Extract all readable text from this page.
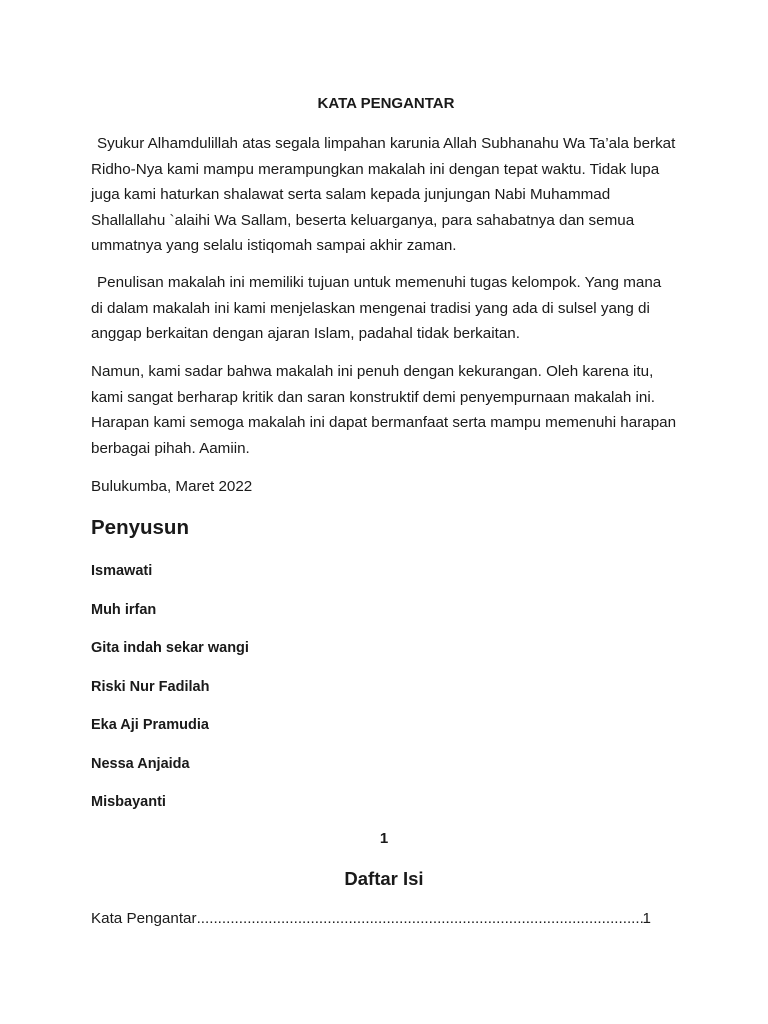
KATA PENGANTAR

Syukur Alhamdulillah atas segala limpahan karunia Allah Subhanahu Wa Ta’ala berkat Ridho-Nya kami mampu merampungkan makalah ini dengan tepat waktu. Tidak lupa juga kami haturkan shalawat serta salam kepada junjungan Nabi Muhammad Shallallahu `alaihi Wa Sallam, beserta keluarganya, para sahabatnya dan semua ummatnya yang selalu istiqomah sampai akhir zaman.

Penulisan makalah ini memiliki tujuan untuk memenuhi tugas kelompok. Yang mana di dalam makalah ini kami menjelaskan mengenai tradisi yang ada di sulsel yang di anggap berkaitan dengan ajaran Islam, padahal tidak berkaitan.

Namun, kami sadar bahwa makalah ini penuh dengan kekurangan. Oleh karena itu, kami sangat berharap kritik dan saran konstruktif demi penyempurnaan makalah ini. Harapan kami semoga makalah ini dapat bermanfaat serta mampu memenuhi harapan berbagai pihah. Aamiin.

Bulukumba, Maret 2022
Penyusun
Ismawati
Muh irfan
Gita indah sekar wangi
Riski Nur Fadilah
Eka Aji Pramudia
Nessa Anjaida
Misbayanti
1
Daftar Isi
Kata Pengantar
.....	1
